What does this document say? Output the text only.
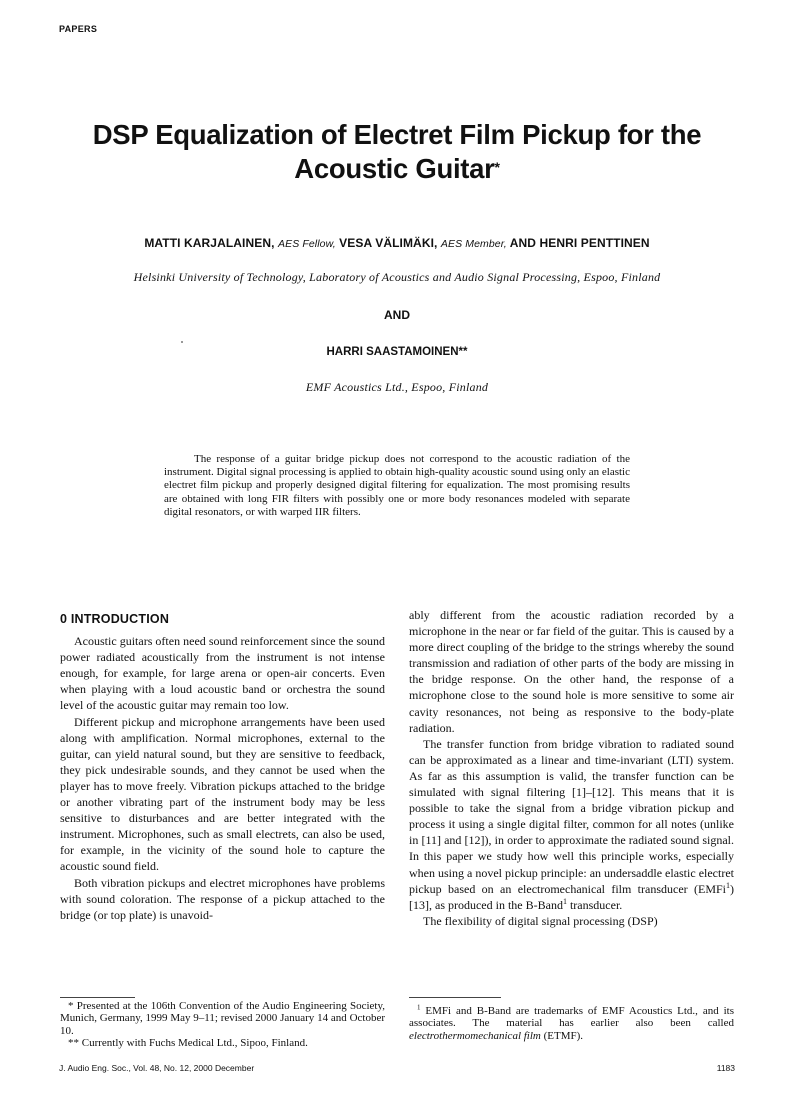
PAPERS
DSP Equalization of Electret Film Pickup for the
Acoustic Guitar*
MATTI KARJALAINEN, AES Fellow, VESA VÄLIMÄKI, AES Member, AND HENRI PENTTINEN
Helsinki University of Technology, Laboratory of Acoustics and Audio Signal Processing, Espoo, Finland
AND
HARRI SAASTAMOINEN**
EMF Acoustics Ltd., Espoo, Finland

The response of a guitar bridge pickup does not correspond to the acoustic radiation of the instrument. Digital signal processing is applied to obtain high-quality acoustic sound using only an elastic electret film pickup and properly designed digital filtering for equalization. The most promising results are obtained with long FIR filters with possibly one or more body resonances modeled with separate digital resonators, or with warped IIR filters.

0 INTRODUCTION

Acoustic guitars often need sound reinforcement since the sound power radiated acoustically from the instrument is not intense enough, for example, for large arena or open-air concerts. Even when playing with a loud acoustic band or orchestra the sound level of the acoustic guitar may remain too low.

Different pickup and microphone arrangements have been used along with amplification. Normal microphones, external to the guitar, can yield natural sound, but they are sensitive to feedback, they pick undesirable sounds, and they cannot be used when the player has to move freely. Vibration pickups attached to the bridge or another vibrating part of the instrument body may be less sensitive to disturbances and are better integrated with the instrument. Microphones, such as small electrets, can also be used, for example, in the vicinity of the sound hole to capture the acoustic sound field.

Both vibration pickups and electret microphones have problems with sound coloration. The response of a pickup attached to the bridge (or top plate) is unavoid-

ably different from the acoustic radiation recorded by a microphone in the near or far field of the guitar. This is caused by a more direct coupling of the bridge to the strings whereby the sound transmission and radiation of other parts of the body are missing in the bridge response. On the other hand, the response of a microphone close to the sound hole is more sensitive to some air cavity resonances, not being as responsive to the body-plate radiation.

The transfer function from bridge vibration to radiated sound can be approximated as a linear and time-invariant (LTI) system. As far as this assumption is valid, the transfer function can be simulated with signal filtering [1]–[12]. This means that it is possible to take the signal from a bridge vibration pickup and process it using a single digital filter, common for all notes (unlike in [11] and [12]), in order to approximate the radiated sound signal. In this paper we study how well this principle works, especially when using a novel pickup principle: an undersaddle elastic electret pickup based on an electromechanical film transducer (EMFi$^1$) [13], as produced in the B-Band$^1$ transducer.

The flexibility of digital signal processing (DSP)

* Presented at the 106th Convention of the Audio Engineering Society, Munich, Germany, 1999 May 9–11; revised 2000 January 14 and October 10.

** Currently with Fuchs Medical Ltd., Sipoo, Finland.

$^1$ EMFi and B-Band are trademarks of EMF Acoustics Ltd., and its associates. The material has earlier also been called electrothermomechanical film (ETMF).

J. Audio Eng. Soc., Vol. 48, No. 12, 2000 December	1183
